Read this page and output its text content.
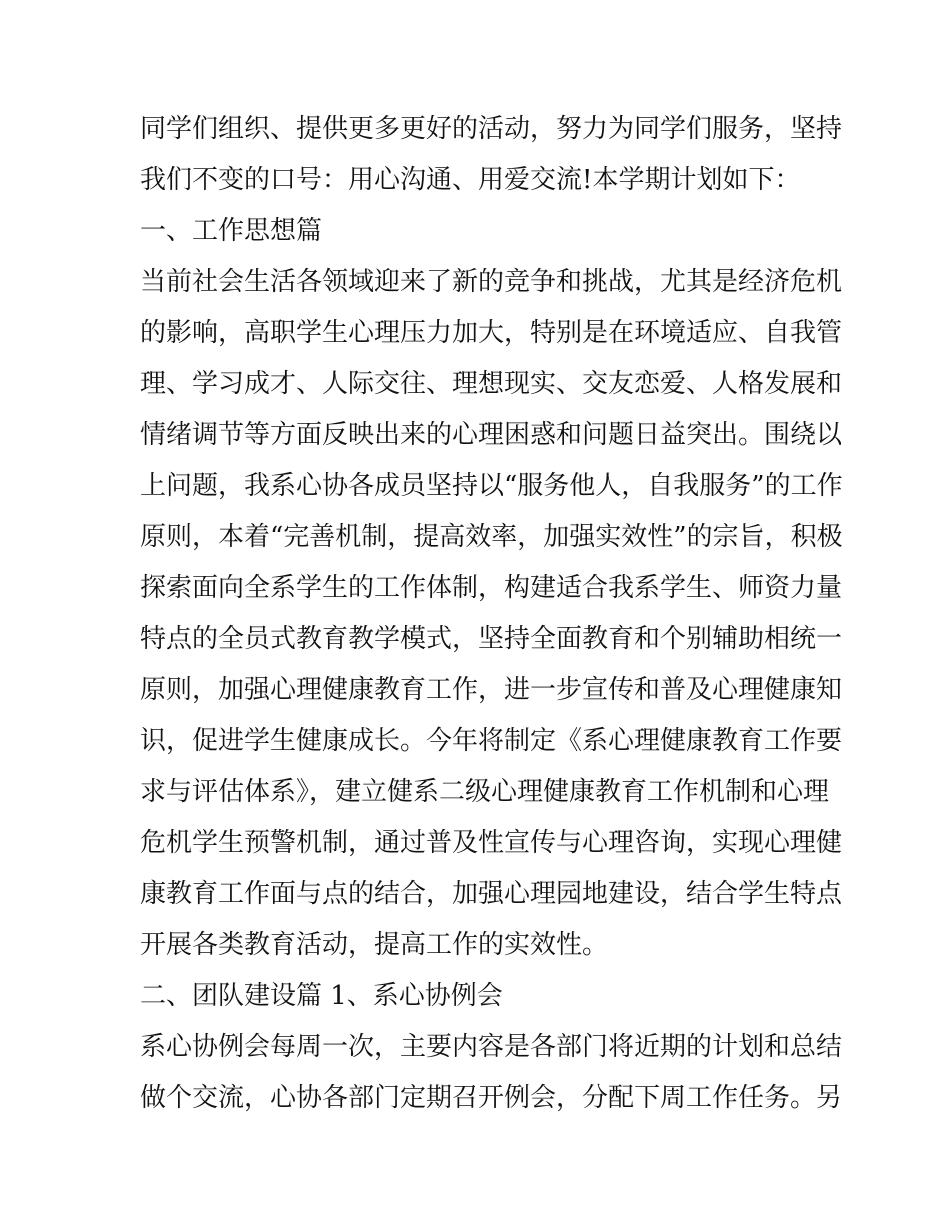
同学们组织、提供更多更好的活动，努力为同学们服务，坚持
我们不变的口号：用心沟通、用爱交流!本学期计划如下：
一、工作思想篇
当前社会生活各领域迎来了新的竞争和挑战，尤其是经济危机
的影响，高职学生心理压力加大，特别是在环境适应、自我管
理、学习成才、人际交往、理想现实、交友恋爱、人格发展和
情绪调节等方面反映出来的心理困惑和问题日益突出。围绕以
上问题，我系心协各成员坚持以“服务他人，自我服务”的工作
原则，本着“完善机制，提高效率，加强实效性”的宗旨，积极
探索面向全系学生的工作体制，构建适合我系学生、师资力量
特点的全员式教育教学模式，坚持全面教育和个别辅助相统一
原则，加强心理健康教育工作，进一步宣传和普及心理健康知
识，促进学生健康成长。今年将制定《系心理健康教育工作要
求与评估体系》，建立健系二级心理健康教育工作机制和心理
危机学生预警机制，通过普及性宣传与心理咨询，实现心理健
康教育工作面与点的结合，加强心理园地建设，结合学生特点
开展各类教育活动，提高工作的实效性。
二、团队建设篇 1、系心协例会
系心协例会每周一次，主要内容是各部门将近期的计划和总结
做个交流，心协各部门定期召开例会，分配下周工作任务。另
